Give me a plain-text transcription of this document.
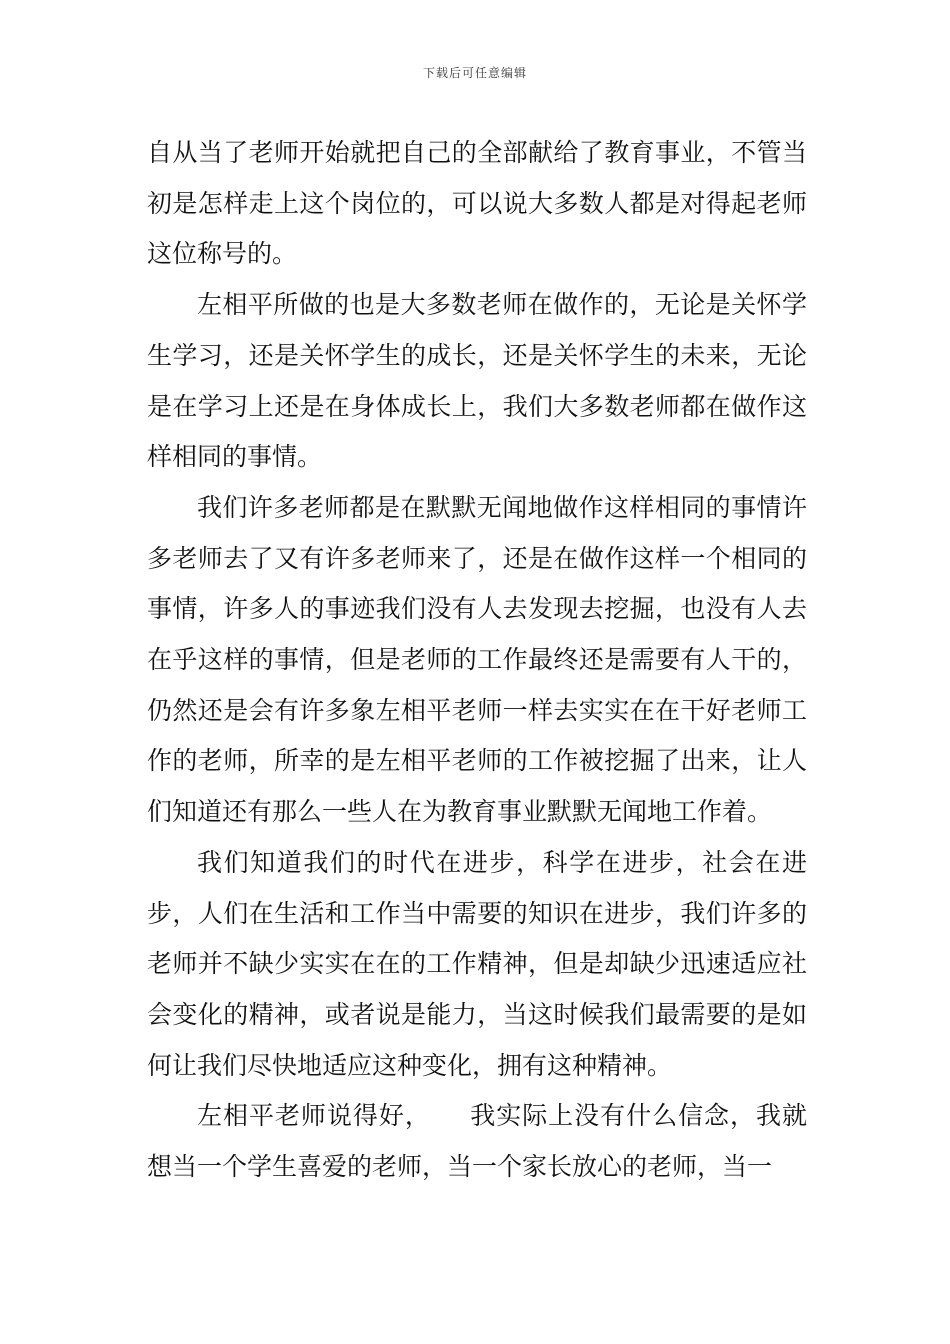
下载后可任意编辑

自从当了老师开始就把自己的全部献给了教育事业，不管当初是怎样走上这个岗位的，可以说大多数人都是对得起老师这位称号的。

左相平所做的也是大多数老师在做作的，无论是关怀学生学习，还是关怀学生的成长，还是关怀学生的未来，无论是在学习上还是在身体成长上，我们大多数老师都在做作这样相同的事情。

我们许多老师都是在默默无闻地做作这样相同的事情许多老师去了又有许多老师来了，还是在做作这样一个相同的事情，许多人的事迹我们没有人去发现去挖掘，也没有人去在乎这样的事情，但是老师的工作最终还是需要有人干的，仍然还是会有许多象左相平老师一样去实实在在干好老师工作的老师，所幸的是左相平老师的工作被挖掘了出来，让人们知道还有那么一些人在为教育事业默默无闻地工作着。

我们知道我们的时代在进步，科学在进步，社会在进步，人们在生活和工作当中需要的知识在进步，我们许多的老师并不缺少实实在在的工作精神，但是却缺少迅速适应社会变化的精神，或者说是能力，当这时候我们最需要的是如何让我们尽快地适应这种变化，拥有这种精神。

左相平老师说得好，　　我实际上没有什么信念，我就想当一个学生喜爱的老师，当一个家长放心的老师，当一
